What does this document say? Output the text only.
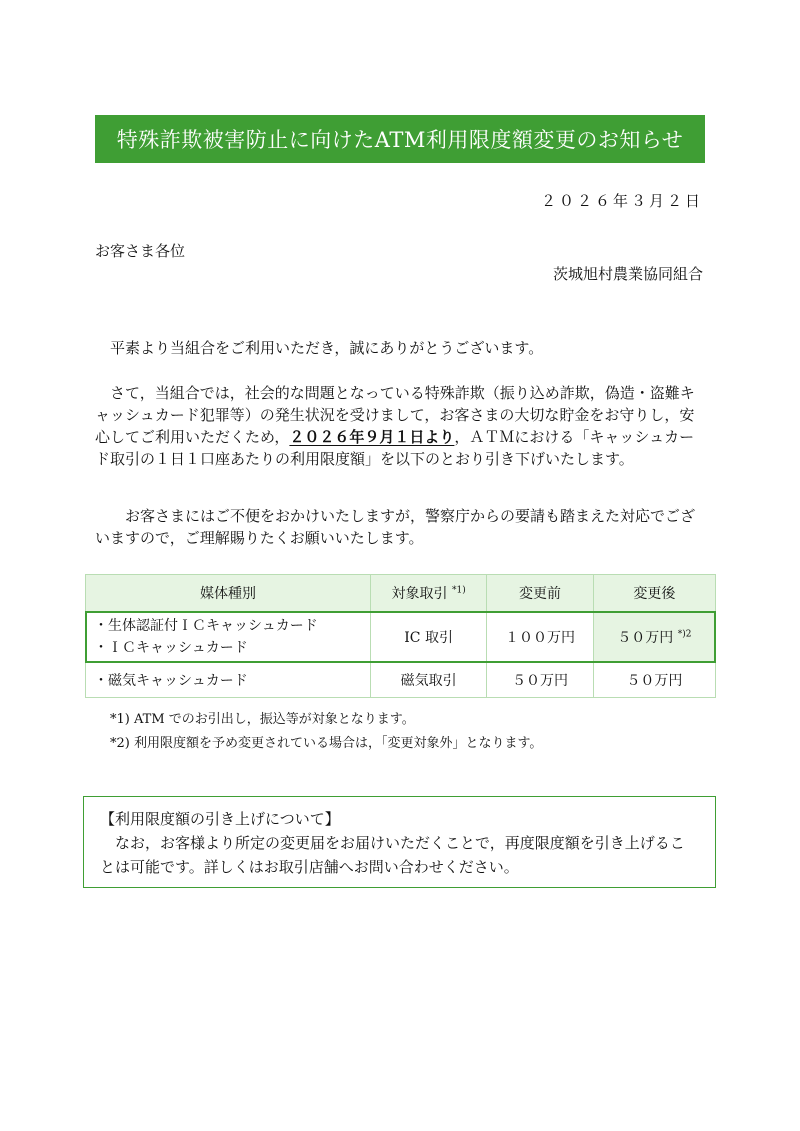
特殊詐欺被害防止に向けたATM利用限度額変更のお知らせ
２０２６年３月２日
お客さま各位
茨城旭村農業協同組合
平素より当組合をご利用いただき，誠にありがとうございます。
さて，当組合では，社会的な問題となっている特殊詐欺（振り込め詐欺，偽造・盗難キャッシュカード犯罪等）の発生状況を受けまして，お客さまの大切な貯金をお守りし，安心してご利用いただくため，２０２６年９月１日より，ＡＴＭにおける「キャッシュカード取引の１日１口座あたりの利用限度額」を以下のとおり引き下げいたします。
お客さまにはご不便をおかけいたしますが，警察庁からの要請も踏まえた対応でございますので，ご理解賜りたくお願いいたします。
媒体種別	対象取引 $^{*1)}$	変更前	変更後

・生体認証付ＩＣキャッシュカード
・ＩＣキャッシュカード	IC 取引	１００万円	５０万円 $^{*)2}$
・磁気キャッシュカード	磁気取引	５０万円	５０万円
*1) ATM でのお引出し，振込等が対象となります。
*2) 利用限度額を予め変更されている場合は，「変更対象外」となります。
【利用限度額の引き上げについて】
なお，お客様より所定の変更届をお届けいただくことで，再度限度額を引き上げることは可能です。詳しくはお取引店舗へお問い合わせください。
